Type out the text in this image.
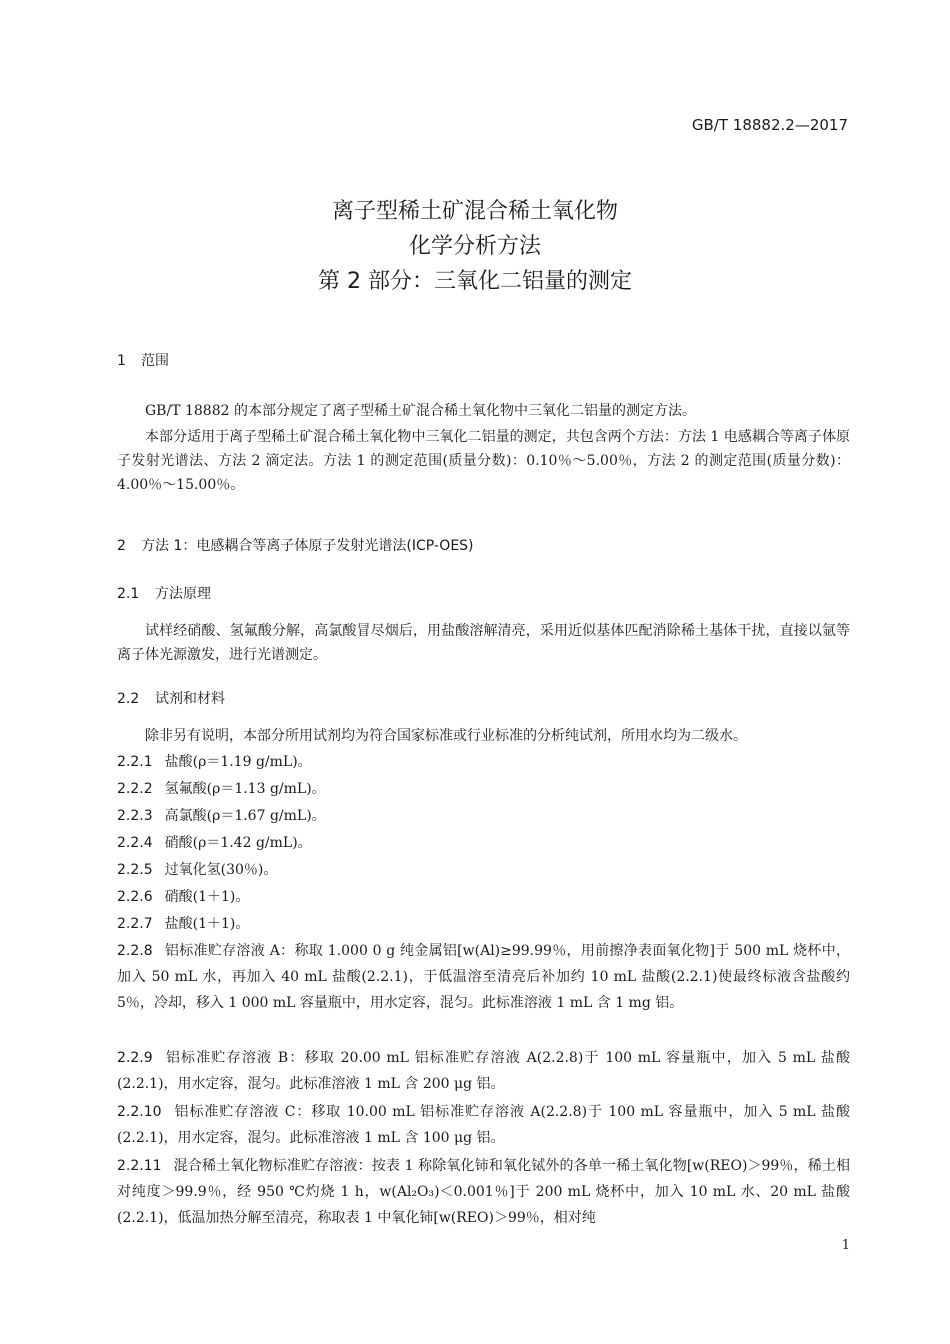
GB/T 18882.2—2017
离子型稀土矿混合稀土氧化物
化学分析方法
第 2 部分：三氧化二铝量的测定
1 范围
GB/T 18882 的本部分规定了离子型稀土矿混合稀土氧化物中三氧化二铝量的测定方法。
本部分适用于离子型稀土矿混合稀土氧化物中三氧化二铝量的测定，共包含两个方法：方法 1 电感耦合等离子体原子发射光谱法、方法 2 滴定法。方法 1 的测定范围(质量分数)：0.10％～5.00％，方法 2 的测定范围(质量分数)：4.00％～15.00％。
2 方法 1：电感耦合等离子体原子发射光谱法(ICP-OES)
2.1 方法原理
试样经硝酸、氢氟酸分解，高氯酸冒尽烟后，用盐酸溶解清亮，采用近似基体匹配消除稀土基体干扰，直接以氩等离子体光源激发，进行光谱测定。
2.2 试剂和材料
除非另有说明，本部分所用试剂均为符合国家标准或行业标准的分析纯试剂，所用水均为二级水。
2.2.1 盐酸(ρ＝1.19 g/mL)。
2.2.2 氢氟酸(ρ＝1.13 g/mL)。
2.2.3 高氯酸(ρ＝1.67 g/mL)。
2.2.4 硝酸(ρ＝1.42 g/mL)。
2.2.5 过氧化氢(30％)。
2.2.6 硝酸(1＋1)。
2.2.7 盐酸(1＋1)。
2.2.8 铝标准贮存溶液 A：称取 1.000 0 g 纯金属铝[w(Al)≥99.99％，用前擦净表面氧化物]于 500 mL 烧杯中，加入 50 mL 水，再加入 40 mL 盐酸(2.2.1)，于低温溶至清亮后补加约 10 mL 盐酸(2.2.1)使最终标液含盐酸约 5％，冷却，移入 1 000 mL 容量瓶中，用水定容，混匀。此标准溶液 1 mL 含 1 mg 铝。
2.2.9 铝标准贮存溶液 B：移取 20.00 mL 铝标准贮存溶液 A(2.2.8)于 100 mL 容量瓶中，加入 5 mL 盐酸(2.2.1)，用水定容，混匀。此标准溶液 1 mL 含 200 μg 铝。
2.2.10 铝标准贮存溶液 C：移取 10.00 mL 铝标准贮存溶液 A(2.2.8)于 100 mL 容量瓶中，加入 5 mL 盐酸(2.2.1)，用水定容，混匀。此标准溶液 1 mL 含 100 μg 铝。
2.2.11 混合稀土氧化物标准贮存溶液：按表 1 称除氧化铈和氧化铽外的各单一稀土氧化物[w(REO)＞99％，稀土相对纯度＞99.9％，经 950 ℃灼烧 1 h，w(Al₂O₃)＜0.001％]于 200 mL 烧杯中，加入 10 mL 水、20 mL 盐酸(2.2.1)，低温加热分解至清亮，称取表 1 中氧化铈[w(REO)＞99％，相对纯
1
